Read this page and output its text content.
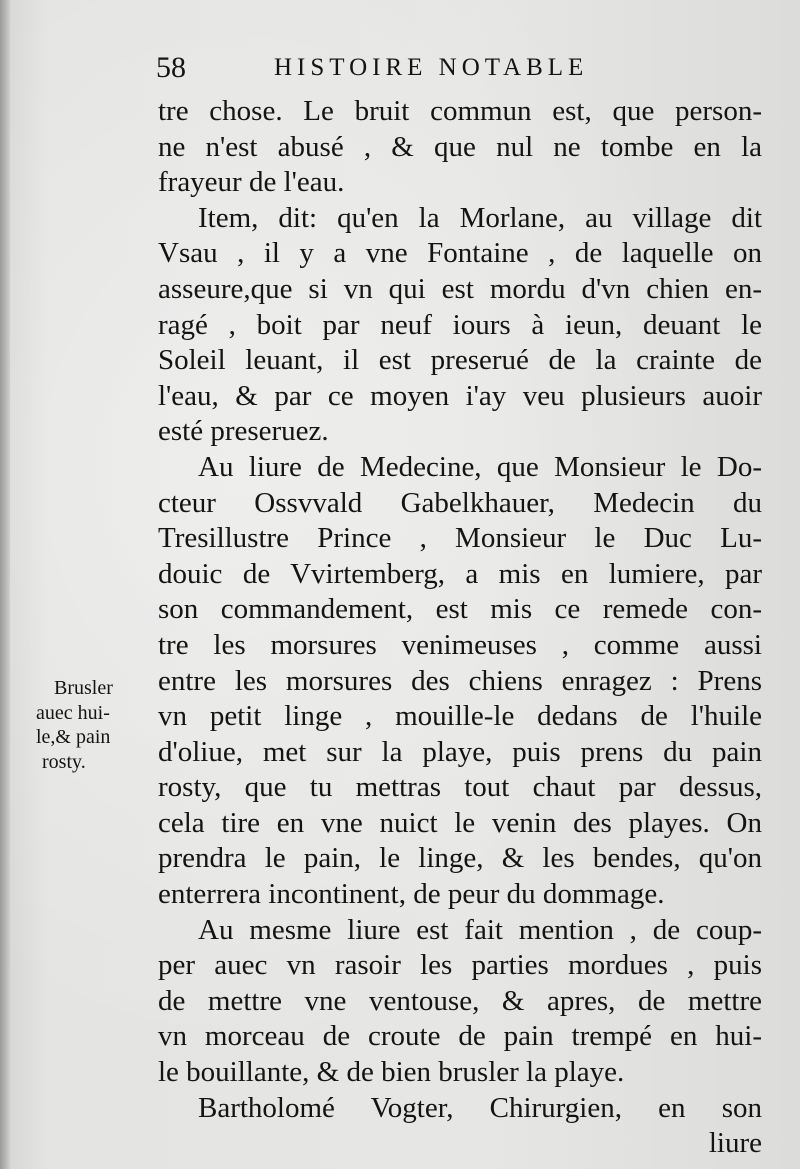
58	HISTOIRE NOTABLE
Brusler
auec hui-
le,& pain
rosty.
tre chose. Le bruit commun est, que person-
ne n'est abusé , & que nul ne tombe en la
frayeur de l'eau.
Item, dit: qu'en la Morlane, au village dit
Vsau , il y a vne Fontaine , de laquelle on
asseure,que si vn qui est mordu d'vn chien en-
ragé , boit par neuf iours à ieun, deuant le
Soleil leuant, il est preserué de la crainte de
l'eau, & par ce moyen i'ay veu plusieurs auoir
esté preseruez.
Au liure de Medecine, que Monsieur le Do-
cteur Ossvvald Gabelkhauer, Medecin du
Tresillustre Prince , Monsieur le Duc Lu-
douic de Vvirtemberg, a mis en lumiere, par
son commandement, est mis ce remede con-
tre les morsures venimeuses , comme aussi
entre les morsures des chiens enragez : Prens
vn petit linge , mouille-le dedans de l'huile
d'oliue, met sur la playe, puis prens du pain
rosty, que tu mettras tout chaut par dessus,
cela tire en vne nuict le venin des playes. On
prendra le pain, le linge, & les bendes, qu'on
enterrera incontinent, de peur du dommage.
Au mesme liure est fait mention , de coup-
per auec vn rasoir les parties mordues , puis
de mettre vne ventouse, & apres, de mettre
vn morceau de croute de pain trempé en hui-
le bouillante, & de bien brusler la playe.
Bartholomé Vogter, Chirurgien, en son
liure
